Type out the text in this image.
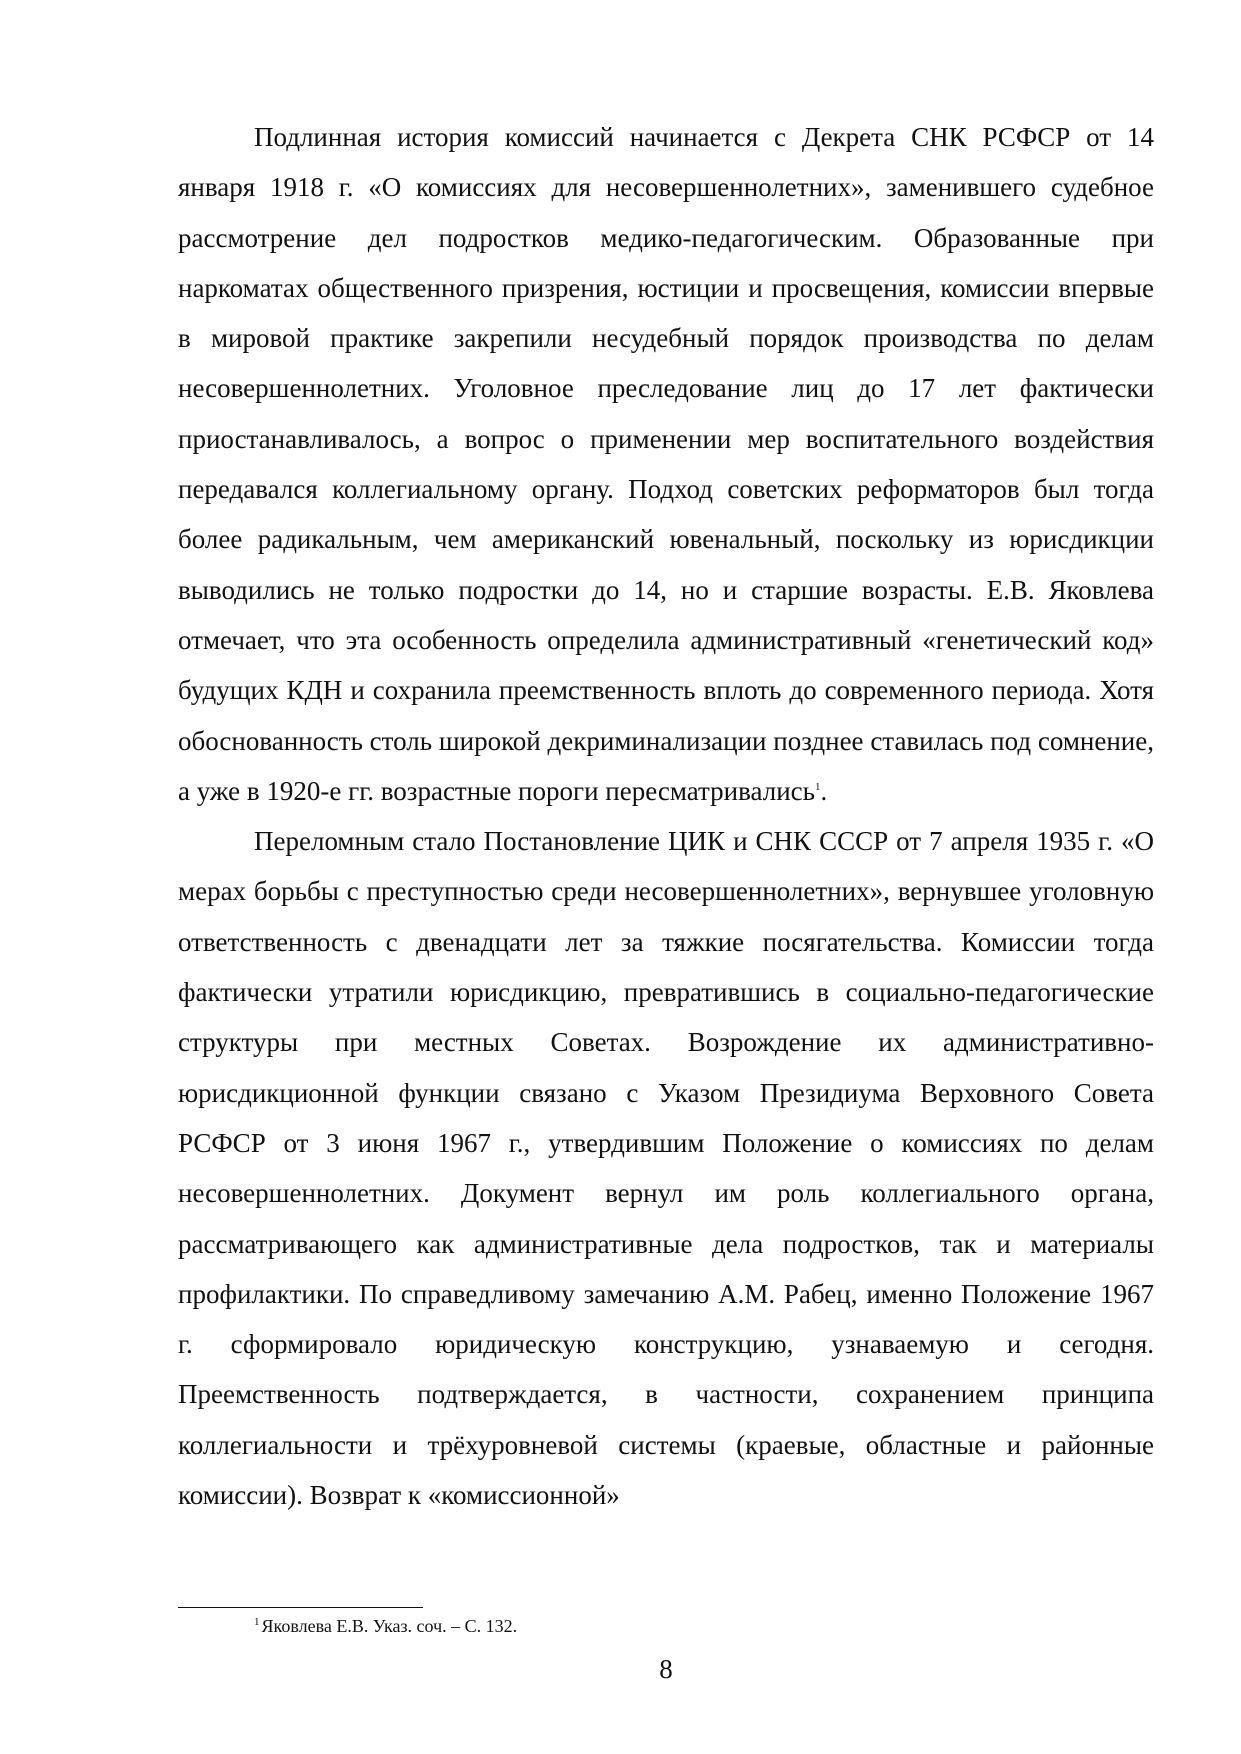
Подлинная история комиссий начинается с Декрета СНК РСФСР от 14 января 1918 г. «О комиссиях для несовершеннолетних», заменившего судебное рассмотрение дел подростков медико-педагогическим. Образованные при наркоматах общественного призрения, юстиции и просвещения, комиссии впервые в мировой практике закрепили несудебный порядок производства по делам несовершеннолетних. Уголовное преследование лиц до 17 лет фактически приостанавливалось, а вопрос о применении мер воспитательного воздействия передавался коллегиальному органу. Подход советских реформаторов был тогда более радикальным, чем американский ювенальный, поскольку из юрисдикции выводились не только подростки до 14, но и старшие возрасты. Е.В. Яковлева отмечает, что эта особенность определила административный «генетический код» будущих КДН и сохранила преемственность вплоть до современного периода. Хотя обоснованность столь широкой декриминализации позднее ставилась под сомнение, а уже в 1920-е гг. возрастные пороги пересматривались$^1$.

Переломным стало Постановление ЦИК и СНК СССР от 7 апреля 1935 г. «О мерах борьбы с преступностью среди несовершеннолетних», вернувшее уголовную ответственность с двенадцати лет за тяжкие посягательства. Комиссии тогда фактически утратили юрисдикцию, превратившись в социально-педагогические структуры при местных Советах. Возрождение их административно-юрисдикционной функции связано с Указом Президиума Верховного Совета РСФСР от 3 июня 1967 г., утвердившим Положение о комиссиях по делам несовершеннолетних. Документ вернул им роль коллегиального органа, рассматривающего как административные дела подростков, так и материалы профилактики. По справедливому замечанию А.М. Рабец, именно Положение 1967 г. сформировало юридическую конструкцию, узнаваемую и сегодня. Преемственность подтверждается, в частности, сохранением принципа коллегиальности и трёхуровневой системы (краевые, областные и районные комиссии). Возврат к «комиссионной»

$^1$ Яковлева Е.В. Указ. соч. – С. 132.
8
